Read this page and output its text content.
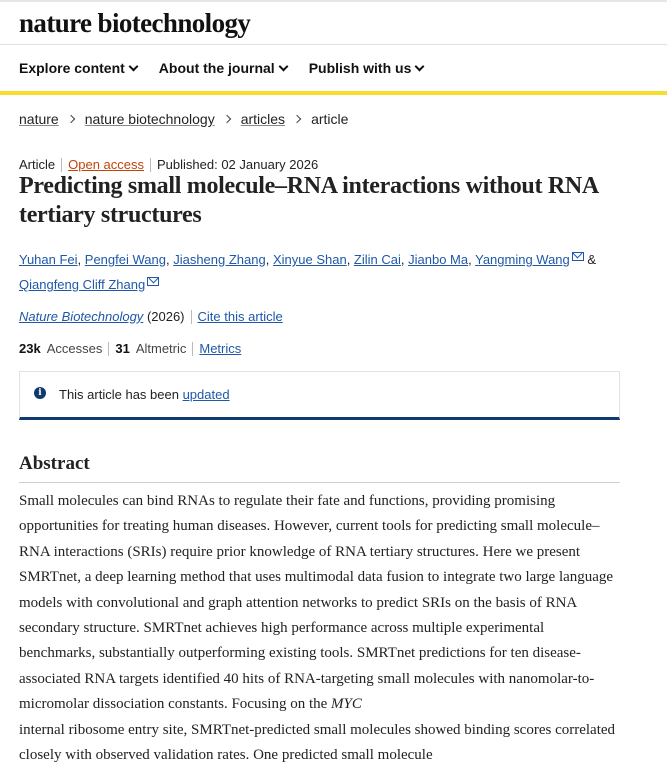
nature biotechnology
Explore content About the journal Publish with us
nature nature biotechnology articles article
Article Open access Published: 02 January 2026
Predicting small molecule–RNA interactions without RNA tertiary structures
Yuhan Fei, Pengfei Wang, Jiasheng Zhang, Xinyue Shan, Zilin Cai, Jianbo Ma, Yangming Wang &
Qiangfeng Cliff Zhang
Nature Biotechnology
(2026) Cite this article
23k Accesses 31 Altmetric Metrics
i	This article has been updated
Abstract

Small molecules can bind RNAs to regulate their fate and functions, providing promising opportunities for treating human diseases. However, current tools for predicting small molecule–RNA interactions (SRIs) require prior knowledge of RNA tertiary structures. Here we present SMRTnet, a deep learning method that uses multimodal data fusion to integrate two large language models with convolutional and graph attention networks to predict SRIs on the basis of RNA secondary structure. SMRTnet achieves high performance across multiple experimental benchmarks, substantially outperforming existing tools. SMRTnet predictions for ten disease-associated RNA targets identified 40 hits of RNA-targeting small molecules with nanomolar-to-micromolar dissociation constants. Focusing on the MYC
internal ribosome entry site, SMRTnet-predicted small molecules showed binding scores correlated closely with observed validation rates. One predicted small molecule
